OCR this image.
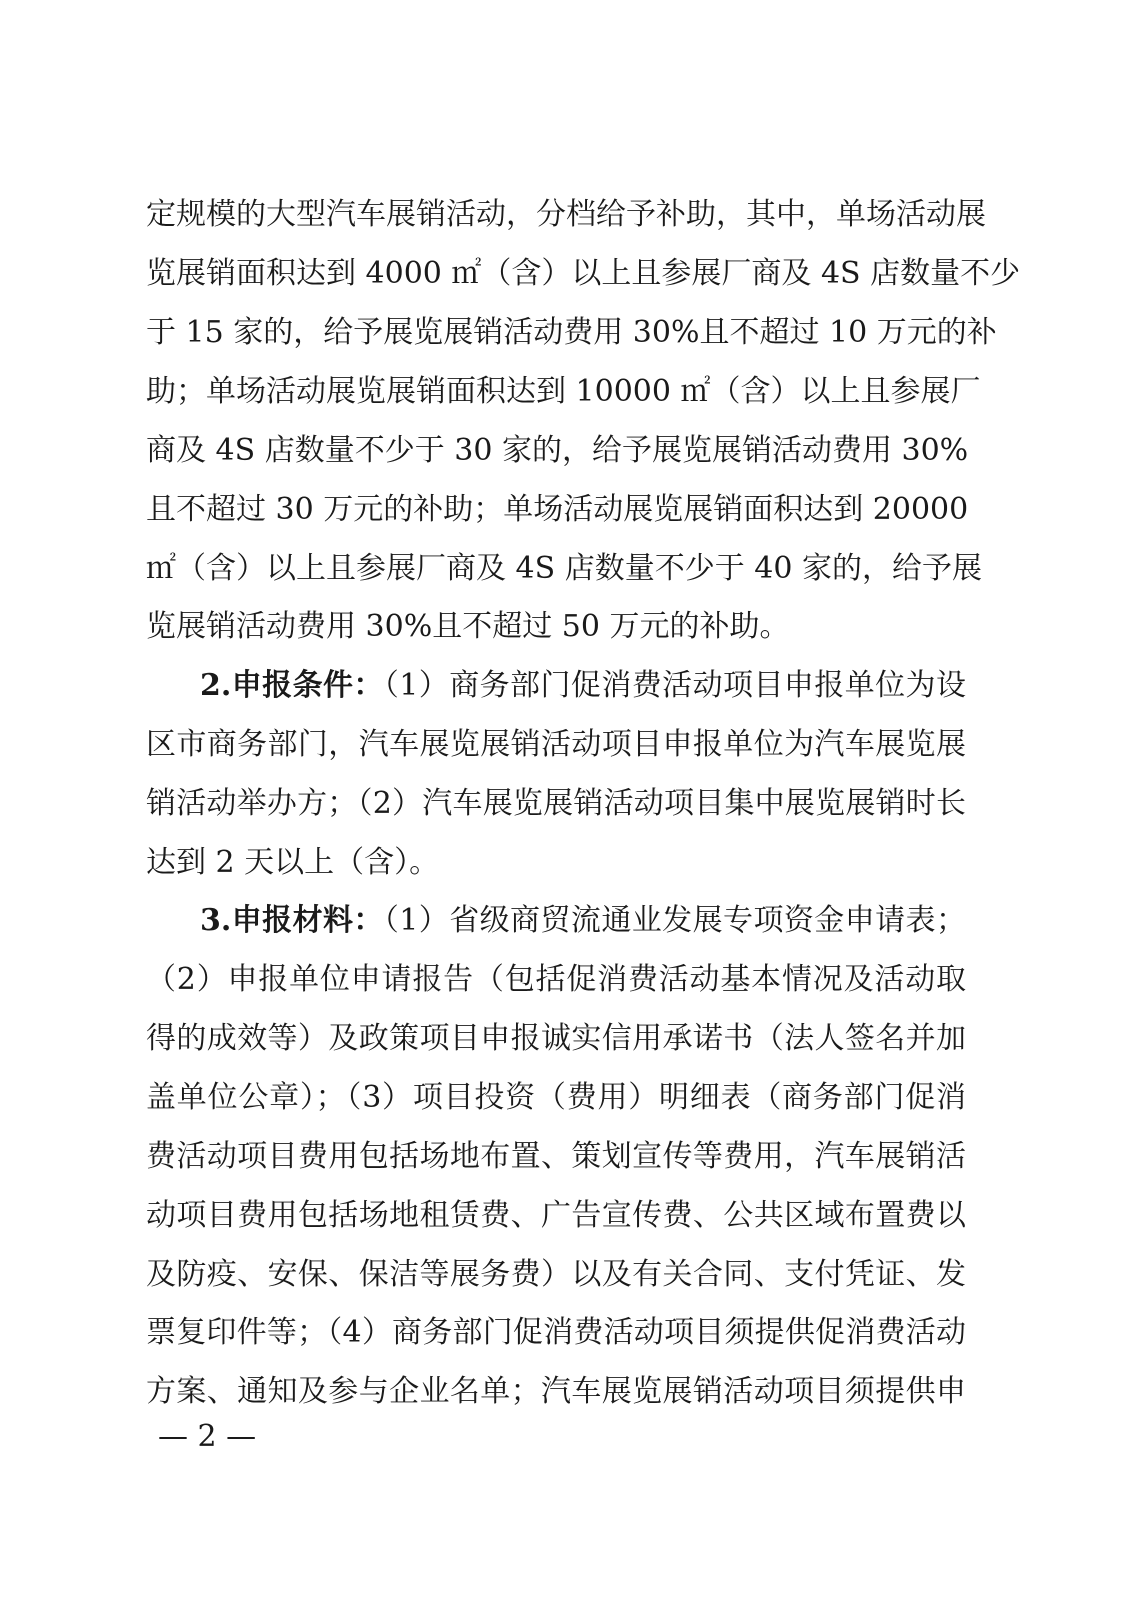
定规模的大型汽车展销活动，分档给予补助，其中，单场活动展
览展销面积达到 4000 ㎡（含）以上且参展厂商及 4S 店数量不少
于 15 家的，给予展览展销活动费用 30%且不超过 10 万元的补
助；单场活动展览展销面积达到 10000 ㎡（含）以上且参展厂
商及 4S 店数量不少于 30 家的，给予展览展销活动费用 30%
且不超过 30 万元的补助；单场活动展览展销面积达到 20000
㎡（含）以上且参展厂商及 4S 店数量不少于 40 家的，给予展
览展销活动费用 30%且不超过 50 万元的补助。
2.申报条件：（1）商务部门促消费活动项目申报单位为设
区市商务部门，汽车展览展销活动项目申报单位为汽车展览展
销活动举办方；（2）汽车展览展销活动项目集中展览展销时长
达到 2 天以上（含）。
3.申报材料：（1）省级商贸流通业发展专项资金申请表；
（2）申报单位申请报告（包括促消费活动基本情况及活动取
得的成效等）及政策项目申报诚实信用承诺书（法人签名并加
盖单位公章）；（3）项目投资（费用）明细表（商务部门促消
费活动项目费用包括场地布置、策划宣传等费用，汽车展销活
动项目费用包括场地租赁费、广告宣传费、公共区域布置费以
及防疫、安保、保洁等展务费）以及有关合同、支付凭证、发
票复印件等；（4）商务部门促消费活动项目须提供促消费活动
方案、通知及参与企业名单；汽车展览展销活动项目须提供申
— 2 —
